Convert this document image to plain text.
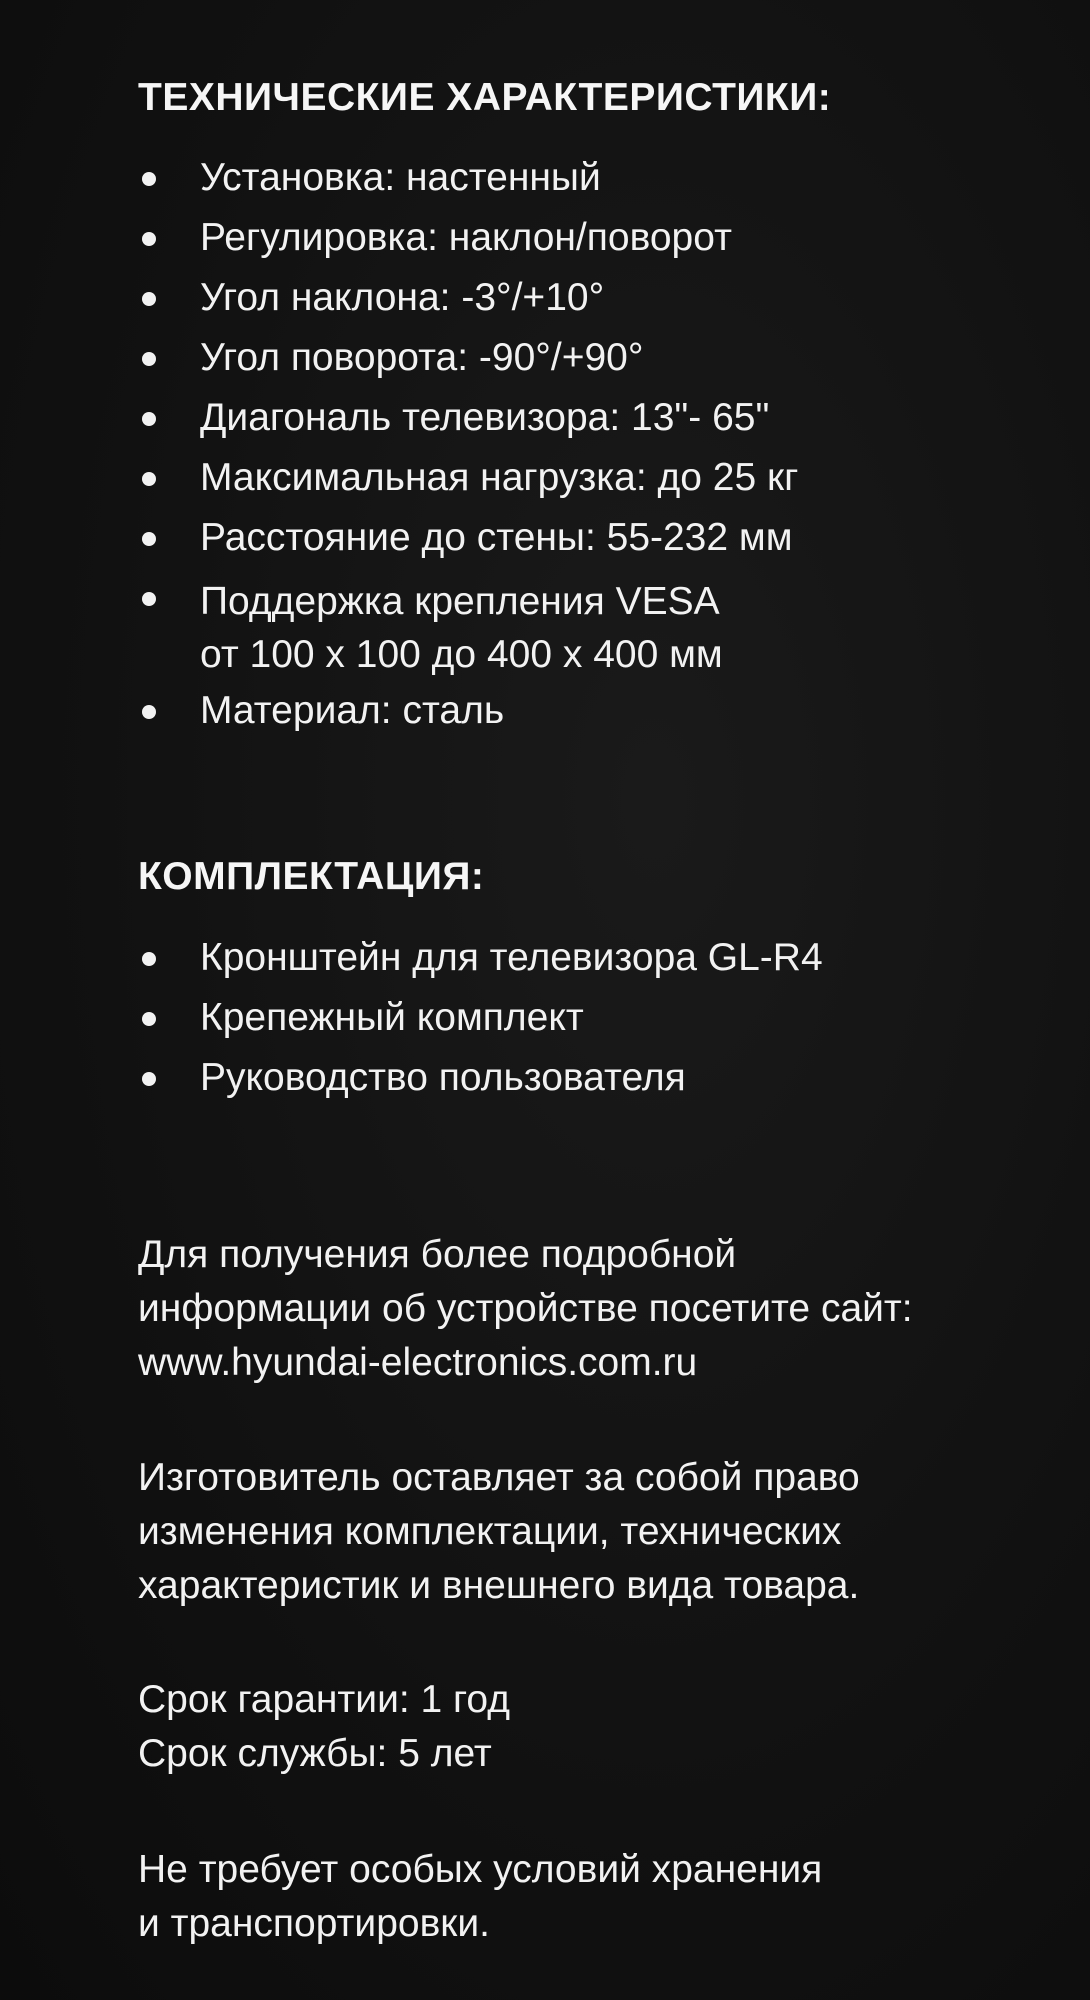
ТЕХНИЧЕСКИЕ ХАРАКТЕРИСТИКИ:
Установка: настенный
Регулировка: наклон/поворот
Угол наклона: -3°/+10°
Угол поворота: -90°/+90°
Диагональ телевизора: 13"- 65"
Максимальная нагрузка: до 25 кг
Расстояние до стены: 55-232 мм
Поддержка крепления VESA
от 100 x 100 до 400 x 400 мм
Материал: сталь
КОМПЛЕКТАЦИЯ:
Кронштейн для телевизора GL-R4
Крепежный комплект
Руководство пользователя
Для получения более подробной
информации об устройстве посетите сайт:
www.hyundai-electronics.com.ru
Изготовитель оставляет за собой право
изменения комплектации, технических
характеристик и внешнего вида товара.
Срок гарантии: 1 год
Срок службы: 5 лет
Не требует особых условий хранения
и транспортировки.
